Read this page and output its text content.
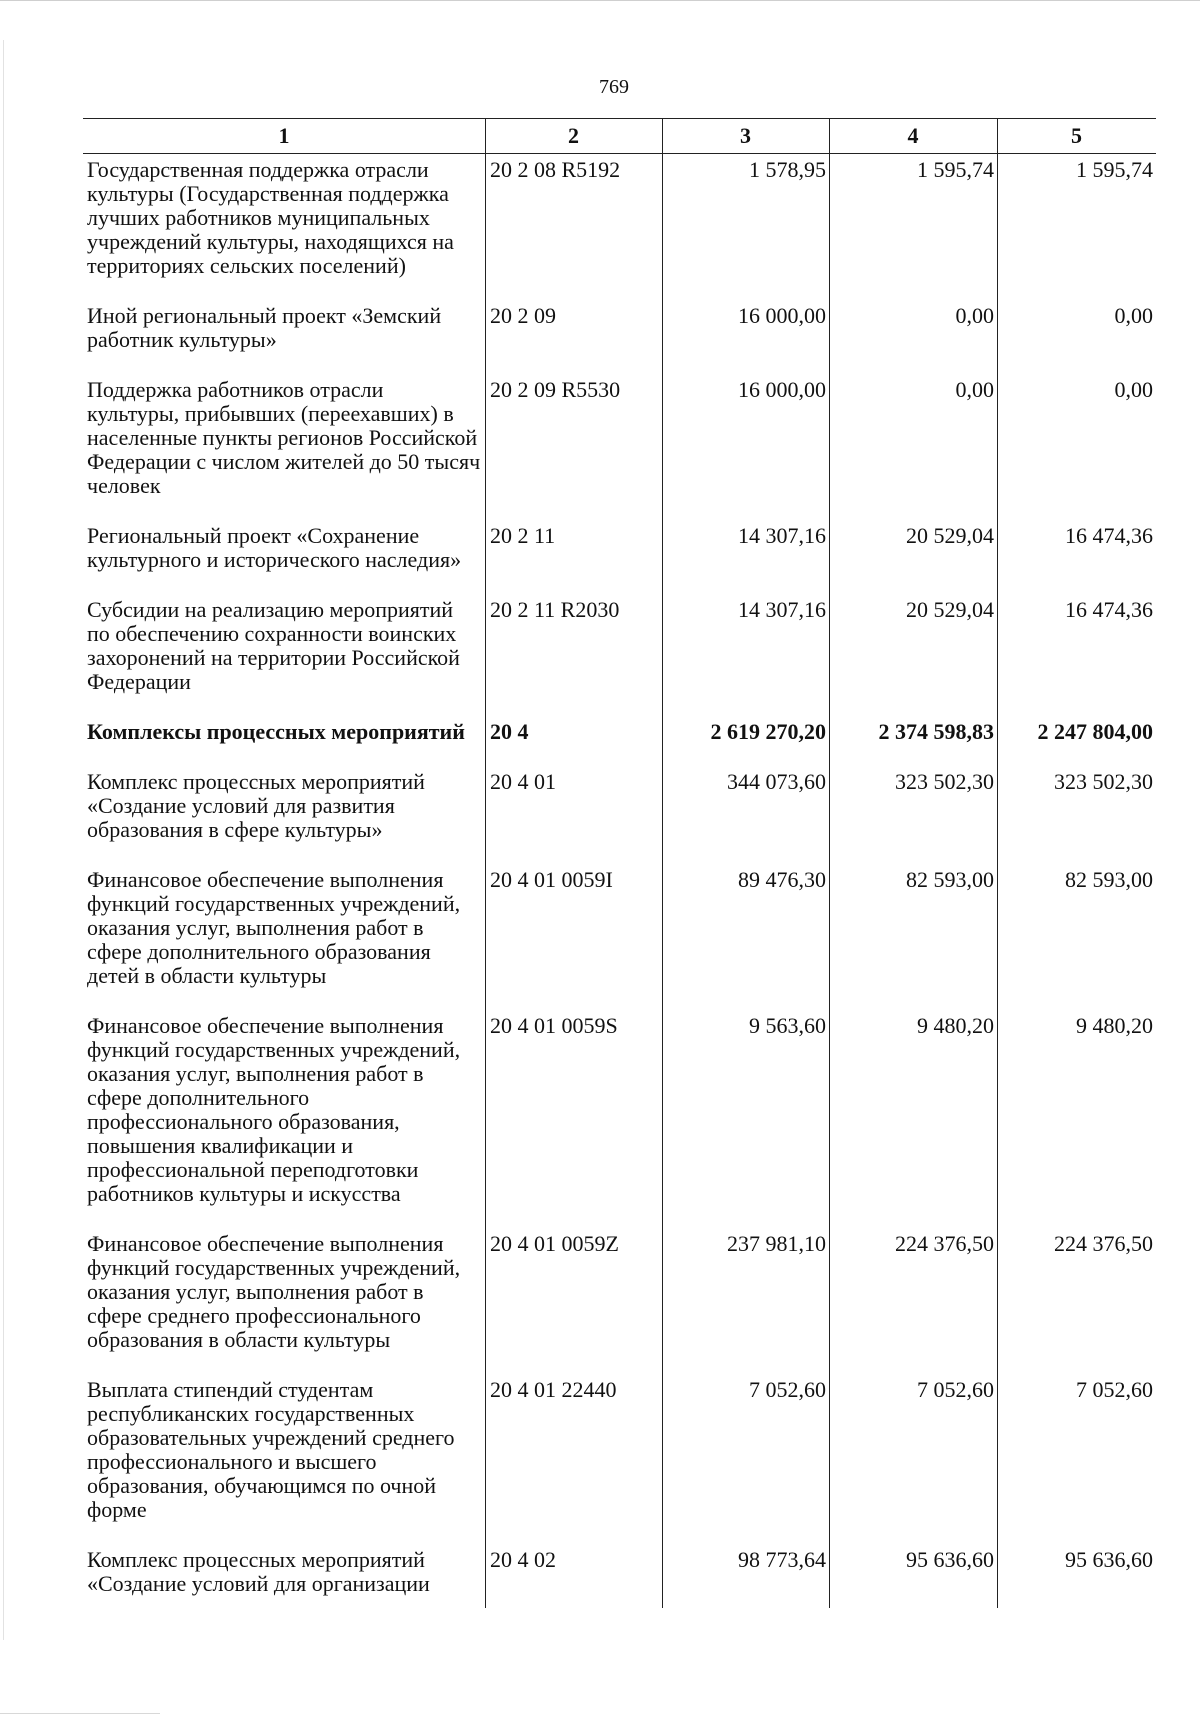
769
1	2	3	4	5
Государственная поддержка отрасли культуры (Государственная поддержка лучших работников муниципальных учреждений культуры, находящихся на территориях сельских поселений)	20 2 08 R5192	1 578,95	1 595,74	1 595,74
Иной региональный проект «Земский работник культуры»	20 2 09	16 000,00	0,00	0,00
Поддержка работников отрасли культуры, прибывших (переехавших) в населенные пункты регионов Российской Федерации с числом жителей до 50 тысяч человек	20 2 09 R5530	16 000,00	0,00	0,00
Региональный проект «Сохранение культурного и исторического наследия»	20 2 11	14 307,16	20 529,04	16 474,36
Субсидии на реализацию мероприятий по обеспечению сохранности воинских захоронений на территории Российской Федерации	20 2 11 R2030	14 307,16	20 529,04	16 474,36
Комплексы процессных мероприятий	20 4	2 619 270,20	2 374 598,83	2 247 804,00
Комплекс процессных мероприятий «Создание условий для развития образования в сфере культуры»	20 4 01	344 073,60	323 502,30	323 502,30
Финансовое обеспечение выполнения функций государственных учреждений, оказания услуг, выполнения работ в сфере дополнительного образования детей в области культуры	20 4 01 0059I	89 476,30	82 593,00	82 593,00
Финансовое обеспечение выполнения функций государственных учреждений, оказания услуг, выполнения работ в сфере дополнительного профессионального образования, повышения квалификации и профессиональной переподготовки работников культуры и искусства	20 4 01 0059S	9 563,60	9 480,20	9 480,20
Финансовое обеспечение выполнения функций государственных учреждений, оказания услуг, выполнения работ в сфере среднего профессионального образования в области культуры	20 4 01 0059Z	237 981,10	224 376,50	224 376,50
Выплата стипендий студентам республиканских государственных образовательных учреждений среднего профессионального и высшего образования, обучающимся по очной форме	20 4 01 22440	7 052,60	7 052,60	7 052,60
Комплекс процессных мероприятий «Создание условий для организации	20 4 02	98 773,64	95 636,60	95 636,60
